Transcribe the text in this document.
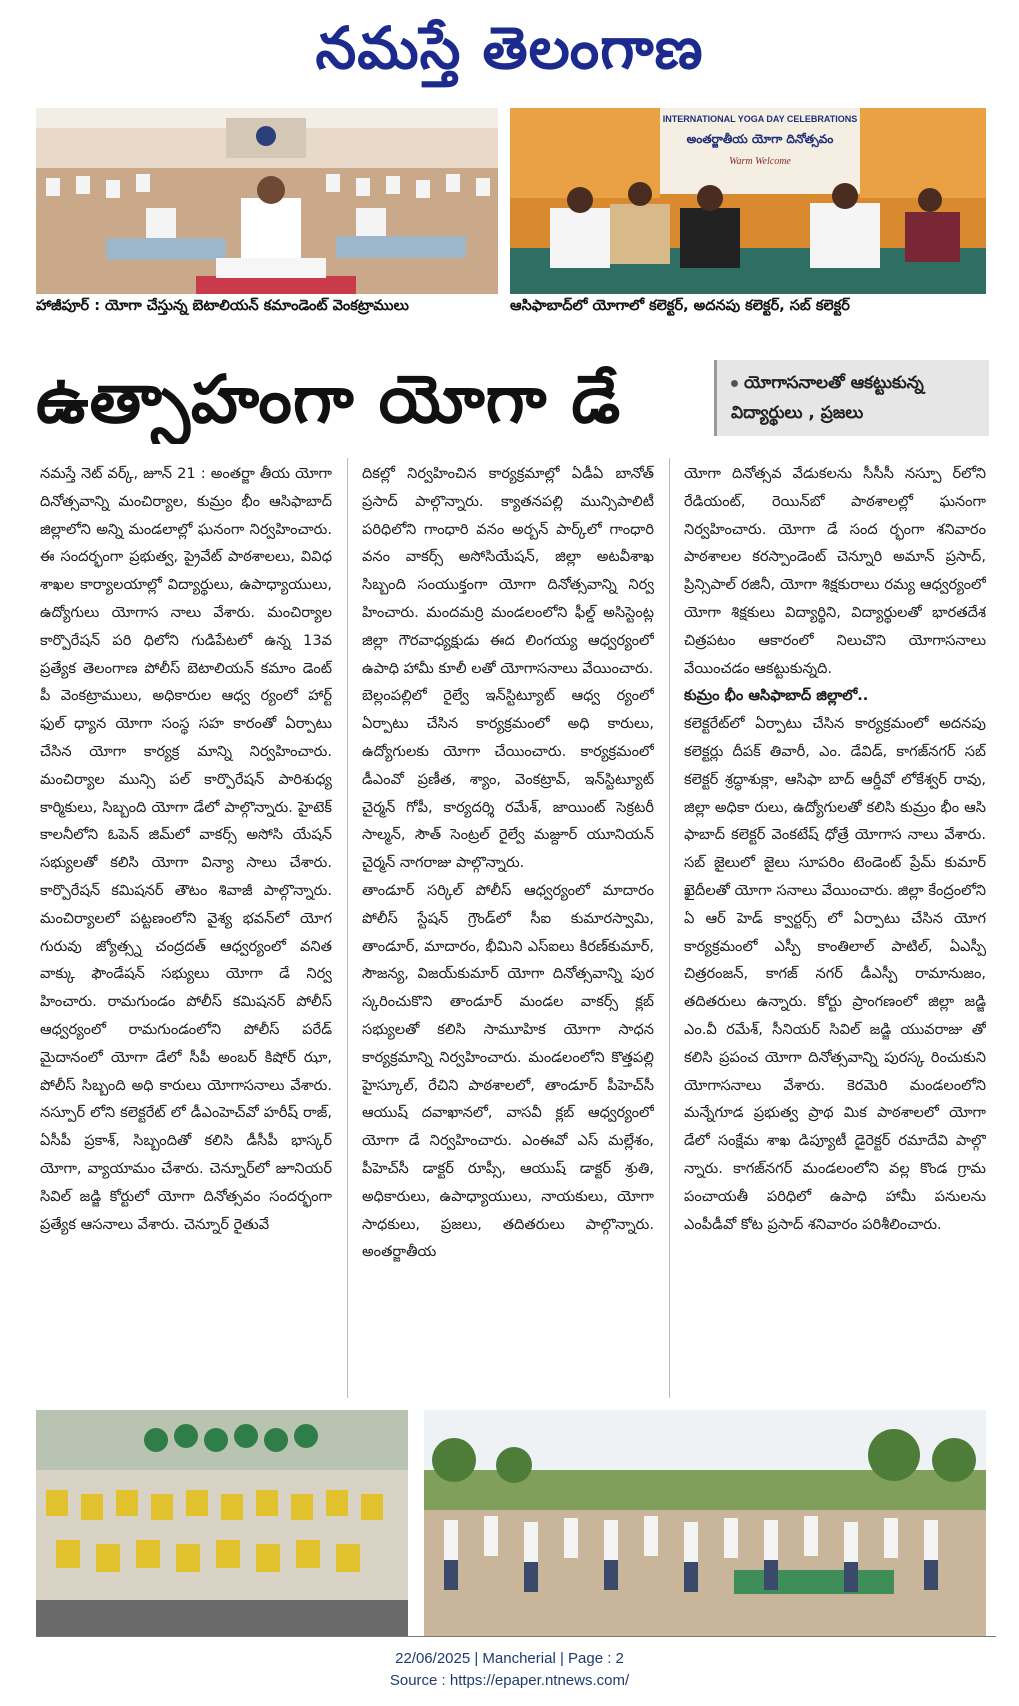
నమస్తే తెలంగాణ
హాజీపూర్ : యోగా చేస్తున్న బెటాలియన్ కమాండెంట్ వెంకట్రాములు
INTERNATIONAL YOGA DAY CELEBRATIONS
అంతర్జాతీయ యోగా దినోత్సవం
Warm Welcome
ఆసిఫాబాద్‌లో యోగాలో కలెక్టర్, అదనపు కలెక్టర్, సబ్ కలెక్టర్
ఉత్సాహంగా యోగా డే	యోగాసనాలతో ఆకట్టుకున్న
విద్యార్థులు , ప్రజలు

నమస్తే నెట్ వర్క్, జూన్ 21 : అంతర్జా తీయ యోగా దినోత్సవాన్ని మంచిర్యాల, కుమ్రం భీం ఆసిఫాబాద్ జిల్లాలోని అన్ని మండలాల్లో ఘనంగా నిర్వహించారు. ఈ సందర్భంగా ప్రభుత్వ, ప్రైవేట్ పాఠశాలలు, వివిధ శాఖల కార్యాలయాల్లో విద్యార్థులు, ఉపాధ్యాయులు, ఉద్యోగులు యోగాస నాలు వేశారు. మంచిర్యాల కార్పొరేషన్ పరి ధిలోని గుడిపేటలో ఉన్న 13వ ప్రత్యేక తెలంగాణ పోలీస్ బెటాలియన్ కమాం డెంట్ పీ వెంకట్రాములు, అధికారుల ఆధ్వ ర్యంలో హార్ట్ ఫుల్ ధ్యాన యోగా సంస్థ సహ కారంతో ఏర్పాటు చేసిన యోగా కార్యక్ర మాన్ని నిర్వహించారు. మంచిర్యాల మున్సి పల్ కార్పొరేషన్ పారిశుధ్య కార్మికులు, సిబ్బంది యోగా డేలో పాల్గొన్నారు. హైటెక్ కాలనీలోని ఓపెన్ జిమ్‌లో వాకర్స్ అసోసి యేషన్ సభ్యులతో కలిసి యోగా విన్యా సాలు చేశారు. కార్పొరేషన్ కమిషనర్ తౌటం శివాజీ పాల్గొన్నారు. మంచిర్యాలలో పట్టణంలోని వైశ్య భవన్‌లో యోగ గురువు జ్యోత్స్న చంద్రదత్ ఆధ్వర్యంలో వనిత వాక్కు ఫౌండేషన్ సభ్యులు యోగా డే నిర్వ హించారు. రామగుండం పోలీస్ కమిషనర్ పోలీస్ ఆధ్వర్యంలో రామగుండంలోని పోలీస్ పరేడ్ మైదానంలో యోగా డేలో సీపీ అంబర్ కిషోర్ ఝా, పోలీస్ సిబ్బంది అధి కారులు యోగాసనాలు వేశారు. నస్పూర్ లోని కలెక్టరేట్ లో డీఎంహెచ్‌వో హరీష్ రాజ్, ఏసీపీ ప్రకాశ్, సిబ్బందితో కలిసి డీసీపీ భాస్కర్ యోగా, వ్యాయామం చేశారు. చెన్నూర్‌లో జూనియర్ సివిల్ జడ్జి కోర్టులో యోగా దినోత్సవం సందర్భంగా ప్రత్యేక ఆసనాలు వేశారు. చెన్నూర్ రైతువే

దికల్లో నిర్వహించిన కార్యక్రమాల్లో ఏడీఏ బానోత్ ప్రసాద్ పాల్గొన్నారు. క్యాతనపల్లి మున్సిపాలిటీ పరిధిలోని గాంధారి వనం అర్బన్ పార్క్‌లో గాంధారి వనం వాకర్స్ అసోసియేషన్, జిల్లా అటవీశాఖ సిబ్బంది సంయుక్తంగా యోగా దినోత్సవాన్ని నిర్వ హించారు. మందమర్రి మండలంలోని ఫీల్డ్ అసిస్టెంట్ల జిల్లా గౌరవాధ్యక్షుడు ఈద లింగయ్య ఆధ్వర్యంలో ఉపాధి హామీ కూలీ లతో యోగాసనాలు వేయించారు.

బెల్లంపల్లిలో రైల్వే ఇన్‌స్టిట్యూట్ ఆధ్వ ర్యంలో ఏర్పాటు చేసిన కార్యక్రమంలో అధి కారులు, ఉద్యోగులకు యోగా చేయించారు. కార్యక్రమంలో డీఎంవో ప్రణీత, శ్యాం, వెంకట్రావ్, ఇన్‌స్టిట్యూట్ చైర్మన్ గోపీ, కార్యదర్శి రమేశ్, జాయింట్ సెక్రటరీ సాల్మన్, సౌత్ సెంట్రల్ రైల్వే మజ్దూర్ యూనియన్ చైర్మన్ నాగరాజు పాల్గొన్నారు.

తాండూర్ సర్కిల్ పోలీస్ ఆధ్వర్యంలో మాదారం పోలీస్ స్టేషన్ గ్రౌండ్‌లో సీఐ కుమారస్వామి, తాండూర్, మాదారం, భీమిని ఎస్ఐలు కిరణ్‌కుమార్, సౌజన్య, విజయ్‌కుమార్ యోగా దినోత్సవాన్ని పుర స్కరించుకొని తాండూర్ మండల వాకర్స్ క్లబ్ సభ్యులతో కలిసి సామూహిక యోగా సాధన కార్యక్రమాన్ని నిర్వహించారు. మండలంలోని కొత్తపల్లి హైస్కూల్, రేచిని పాఠశాలలో, తాండూర్ పీహెచ్‌సీ ఆయుష్ దవాఖానలో, వాసవీ క్లబ్ ఆధ్వర్యంలో యోగా డే నిర్వహించారు. ఎంఈవో ఎస్ మల్లేశం, పీహెచ్‌సీ డాక్టర్ రూప్సీ, ఆయుష్ డాక్టర్ శ్రుతి, అధికారులు, ఉపాధ్యాయులు, నాయకులు, యోగా సాధకులు, ప్రజలు, తదితరులు పాల్గొన్నారు. అంతర్జాతీయ

యోగా దినోత్సవ వేడుకలను సీసీసీ నస్పూ ర్‌లోని రేడియంట్, రెయిన్‌బో పాఠశాలల్లో ఘనంగా నిర్వహించారు. యోగా డే సంద ర్భంగా శనివారం పాఠశాలల కరస్పాండెంట్ చెన్నూరి అమాన్ ప్రసాద్, ప్రిన్సిపాల్ రజినీ, యోగా శిక్షకురాలు రమ్య ఆధ్వర్యంలో యోగా శిక్షకులు విద్యార్థిని, విద్యార్థులతో భారతదేశ చిత్రపటం ఆకారంలో నిలుచొని యోగాసనాలు వేయించడం ఆకట్టుకున్నది.

కుమ్రం భీం ఆసిఫాబాద్ జిల్లాలో..

కలెక్టరేట్‌లో ఏర్పాటు చేసిన కార్యక్రమంలో అదనపు కలెక్టర్లు దీపక్ తివారీ, ఎం. డేవిడ్, కాగజ్‌నగర్ సబ్ కలెక్టర్ శ్రద్ధాశుక్లా, ఆసిఫా బాద్ ఆర్డీవో లోకేశ్వర్ రావు, జిల్లా అధికా రులు, ఉద్యోగులతో కలిసి కుమ్రం భీం ఆసి ఫాబాద్ కలెక్టర్ వెంకటేష్ ధోత్రే యోగాస నాలు వేశారు. సబ్ జైలులో జైలు సూపరిం టెండెంట్ ప్రేమ్ కుమార్ ఖైదీలతో యోగా సనాలు వేయించారు. జిల్లా కేంద్రంలోని ఏ ఆర్ హెడ్ క్వార్టర్స్ లో ఏర్పాటు చేసిన యోగ కార్యక్రమంలో ఎస్పీ కాంతిలాల్ పాటిల్, ఏఎస్పీ చిత్రరంజన్, కాగజ్ నగర్ డీఎస్పీ రామానుజం, తదితరులు ఉన్నారు. కోర్టు ప్రాంగణంలో జిల్లా జడ్జి ఎం.వీ రమేశ్, సీనియర్ సివిల్ జడ్జి యువరాజు తో కలిసి ప్రపంచ యోగా దినోత్సవాన్ని పురస్క రించుకుని యోగాసనాలు వేశారు. కెరమెరి మండలంలోని మన్నేగూడ ప్రభుత్వ ప్రాథ మిక పాఠశాలలో యోగా డేలో సంక్షేమ శాఖ డిప్యూటీ డైరెక్టర్ రమాదేవి పాల్గొ న్నారు. కాగజ్‌నగర్ మండలంలోని వల్ల కొండ గ్రామ పంచాయతీ పరిధిలో ఉపాధి హామీ పనులను ఎంపీడీవో కోట ప్రసాద్ శనివారం పరిశీలించారు.

22/06/2025 | Mancherial | Page : 2
Source : https://epaper.ntnews.com/
